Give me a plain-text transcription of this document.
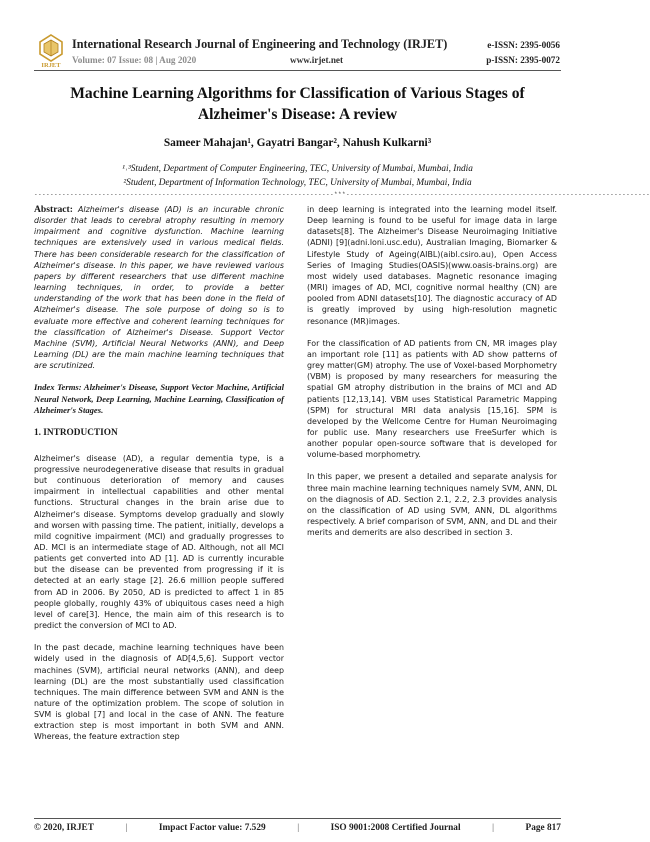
IRJET
International Research Journal of Engineering and Technology (IRJET)
Volume: 07 Issue: 08 | Aug 2020	www.irjet.net
e-ISSN: 2395-0056
p-ISSN: 2395-0072
Machine Learning Algorithms for Classification of Various Stages of Alzheimer's Disease: A review
Sameer Mahajan¹, Gayatri Bangar², Nahush Kulkarni³
¹˒³Student, Department of Computer Engineering, TEC, University of Mumbai, Mumbai, India
²Student, Department of Information Technology, TEC, University of Mumbai, Mumbai, India
---------------------------------------------------------------------------***----------------------------------------------------------------------------

Abstract: Alzheimer's disease (AD) is an incurable chronic disorder that leads to cerebral atrophy resulting in memory impairment and cognitive dysfunction. Machine learning techniques are extensively used in various medical fields. There has been considerable research for the classification of Alzheimer's disease. In this paper, we have reviewed various papers by different researchers that use different machine learning techniques, in order, to provide a better understanding of the work that has been done in the field of Alzheimer's disease. The sole purpose of doing so is to evaluate more effective and coherent learning techniques for the classification of Alzheimer's Disease. Support Vector Machine (SVM), Artificial Neural Networks (ANN), and Deep Learning (DL) are the main machine learning techniques that are scrutinized.

Index Terms: Alzheimer's Disease, Support Vector Machine, Artificial Neural Network, Deep Learning, Machine Learning, Classification of Alzheimer's Stages.

1. INTRODUCTION

Alzheimer's disease (AD), a regular dementia type, is a progressive neurodegenerative disease that results in gradual but continuous deterioration of memory and causes impairment in intellectual capabilities and other mental functions. Structural changes in the brain arise due to Alzheimer's disease. Symptoms develop gradually and slowly and worsen with passing time. The patient, initially, develops a mild cognitive impairment (MCI) and gradually progresses to AD. MCI is an intermediate stage of AD. Although, not all MCI patients get converted into AD [1]. AD is currently incurable but the disease can be prevented from progressing if it is detected at an early stage [2]. 26.6 million people suffered from AD in 2006. By 2050, AD is predicted to affect 1 in 85 people globally, roughly 43% of ubiquitous cases need a high level of care[3]. Hence, the main aim of this research is to predict the conversion of MCI to AD.

In the past decade, machine learning techniques have been widely used in the diagnosis of AD[4,5,6]. Support vector machines (SVM), artificial neural networks (ANN), and deep learning (DL) are the most substantially used classification techniques. The main difference between SVM and ANN is the nature of the optimization problem. The scope of solution in SVM is global [7] and local in the case of ANN. The feature extraction step is most important in both SVM and ANN. Whereas, the feature extraction step

in deep learning is integrated into the learning model itself. Deep learning is found to be useful for image data in large datasets[8]. The Alzheimer's Disease Neuroimaging Initiative (ADNI) [9](adni.loni.usc.edu), Australian Imaging, Biomarker & Lifestyle Study of Ageing(AIBL)(aibl.csiro.au), Open Access Series of Imaging Studies(OASIS)(www.oasis-brains.org) are most widely used databases. Magnetic resonance imaging (MRI) images of AD, MCI, cognitive normal healthy (CN) are pooled from ADNI datasets[10]. The diagnostic accuracy of AD is greatly improved by using high-resolution magnetic resonance (MR)images.

For the classification of AD patients from CN, MR images play an important role [11] as patients with AD show patterns of grey matter(GM) atrophy. The use of Voxel-based Morphometry (VBM) is proposed by many researchers for measuring the spatial GM atrophy distribution in the brains of MCI and AD patients [12,13,14]. VBM uses Statistical Parametric Mapping (SPM) for structural MRI data analysis [15,16]. SPM is developed by the Wellcome Centre for Human Neuroimaging for public use. Many researchers use FreeSurfer which is another popular open-source software that is developed for volume-based morphometry.

In this paper, we present a detailed and separate analysis for three main machine learning techniques namely SVM, ANN, DL on the diagnosis of AD. Section 2.1, 2.2, 2.3 provides analysis on the classification of AD using SVM, ANN, DL algorithms respectively. A brief comparison of SVM, ANN, and DL and their merits and demerits are also described in section 3.

© 2020, IRJET	|	Impact Factor value: 7.529	|	ISO 9001:2008 Certified Journal	|	Page 817
